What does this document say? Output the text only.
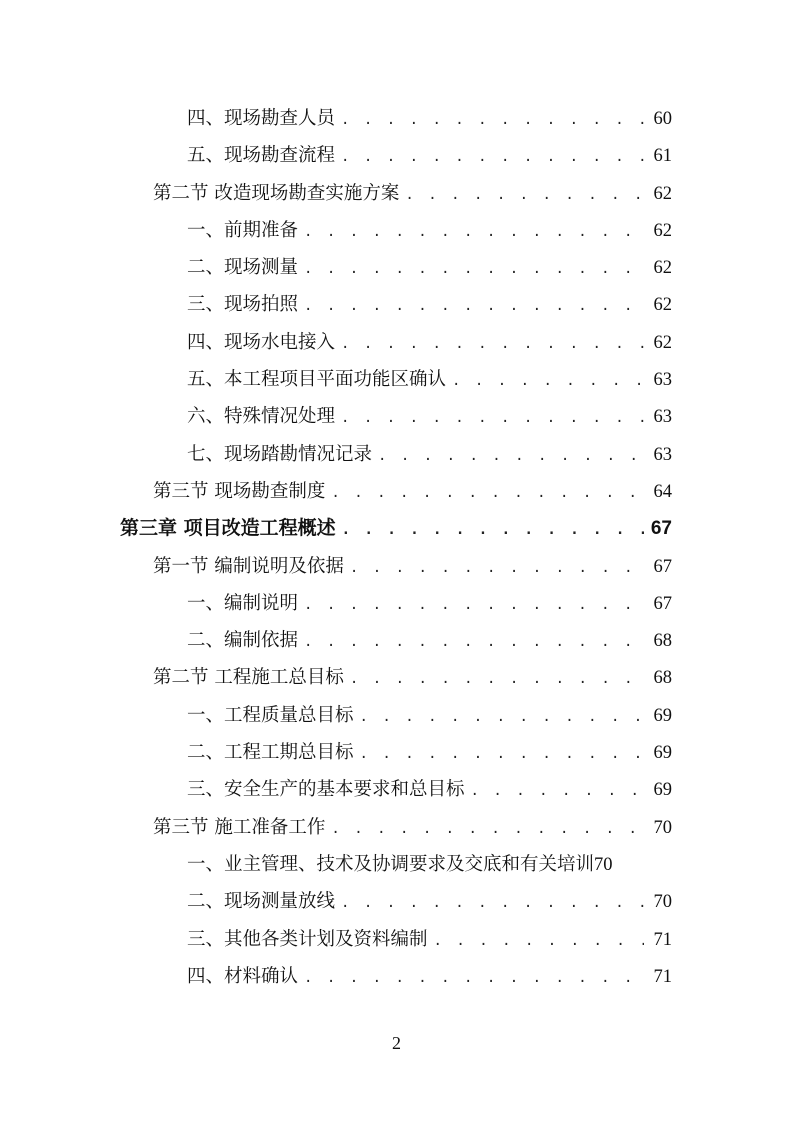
四、现场勘查人员 . . .	60
五、现场勘查流程 . . .	61
第二节 改造现场勘查实施方案 . . .	62
一、前期准备 . . .	62
二、现场测量 . . .	62
三、现场拍照 . . .	62
四、现场水电接入 . . .	62
五、本工程项目平面功能区确认 . . .	63
六、特殊情况处理 . . .	63
七、现场踏勘情况记录 . . .	63
第三节 现场勘查制度 . . .	64
第三章 项目改造工程概述 . . .	67
第一节 编制说明及依据 . . .	67
一、编制说明 . . .	67
二、编制依据 . . .	68
第二节 工程施工总目标 . . .	68
一、工程质量总目标 . . .	69
二、工程工期总目标 . . .	69
三、安全生产的基本要求和总目标 . . .	69
第三节 施工准备工作 . . .	70
一、业主管理、技术及协调要求及交底和有关培训 70
二、现场测量放线 . . .	70
三、其他各类计划及资料编制 . . .	71
四、材料确认 . . .	71
2
